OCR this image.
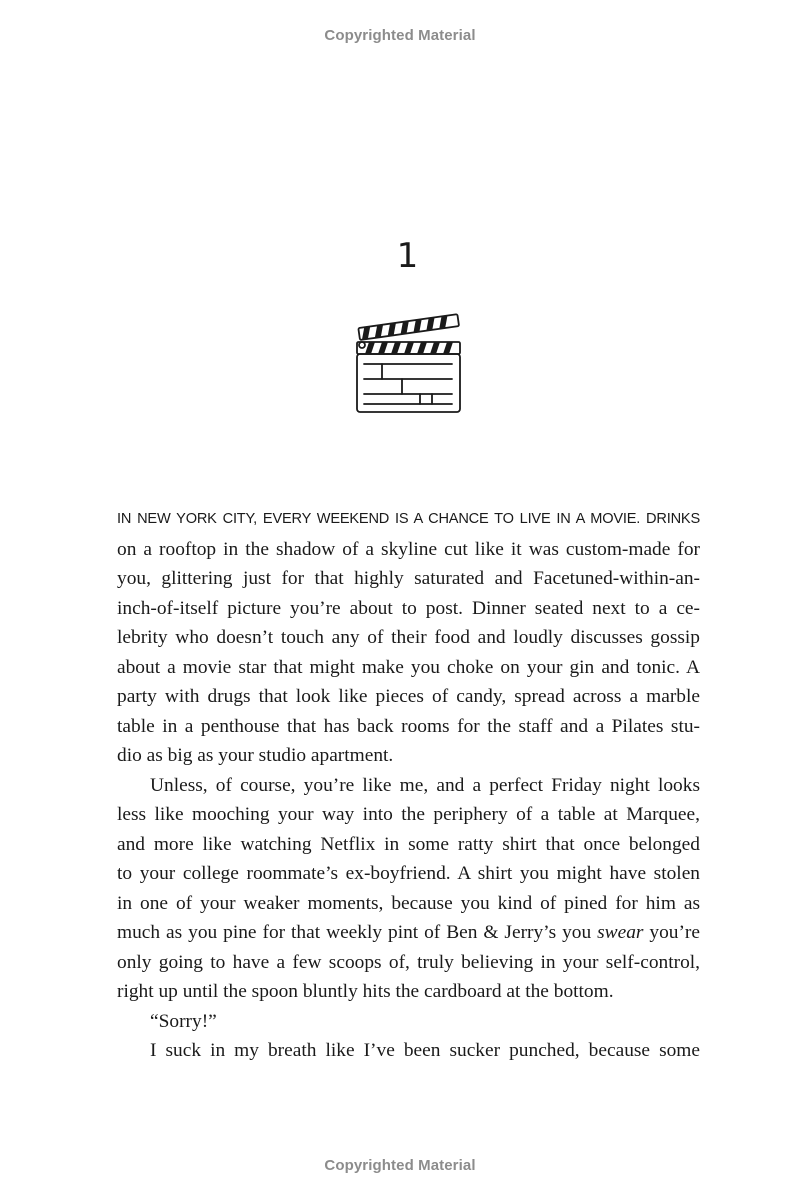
Copyrighted Material
1
IN NEW YORK CITY, EVERY WEEKEND IS A CHANCE TO LIVE IN A MOVIE. DRINKS
on a rooftop in the shadow of a skyline cut like it was custom-made for
you, glittering just for that highly saturated and Facetuned-within-an-
inch-of-itself picture you’re about to post. Dinner seated next to a ce-
lebrity who doesn’t touch any of their food and loudly discusses gossip
about a movie star that might make you choke on your gin and tonic. A
party with drugs that look like pieces of candy, spread across a marble
table in a penthouse that has back rooms for the staff and a Pilates stu-
dio as big as your studio apartment.
Unless, of course, you’re like me, and a perfect Friday night looks
less like mooching your way into the periphery of a table at Marquee,
and more like watching Netflix in some ratty shirt that once belonged
to your college roommate’s ex-boyfriend. A shirt you might have stolen
in one of your weaker moments, because you kind of pined for him as
much as you pine for that weekly pint of Ben & Jerry’s you swear you’re
only going to have a few scoops of, truly believing in your self-control,
right up until the spoon bluntly hits the cardboard at the bottom.
“Sorry!”
I suck in my breath like I’ve been sucker punched, because some
Copyrighted Material
